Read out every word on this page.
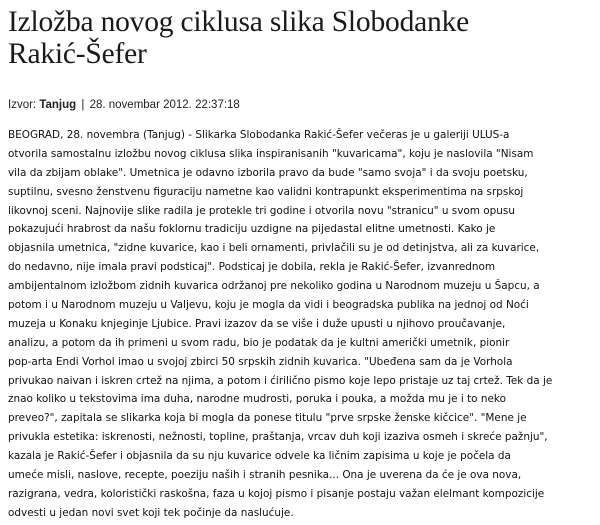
Izložba novog ciklusa slika Slobodanke
Rakić-Šefer
Izvor: Tanjug | 28. novembar 2012. 22:37:18
BEOGRAD, 28. novembra (Tanjug) - Slikarka Slobodanka Rakić-Šefer večeras je u galeriji ULUS-a
otvorila samostalnu izložbu novog ciklusa slika inspiranisanih "kuvaricama", koju je naslovila "Nisam
vila da zbijam oblake". Umetnica je odavno izborila pravo da bude "samo svoja" i da svoju poetsku,
suptilnu, svesno ženstvenu figuraciju nametne kao validni kontrapunkt eksperimentima na srpskoj
likovnoj sceni. Najnovije slike radila je protekle tri godine i otvorila novu "stranicu" u svom opusu
pokazujući hrabrost da našu foklornu tradiciju uzdigne na pijedastal elitne umetnosti. Kako je
objasnila umetnica, "zidne kuvarice, kao i beli ornamenti, privlačili su je od detinjstva, ali za kuvarice,
do nedavno, nije imala pravi podsticaj". Podsticaj je dobila, rekla je Rakić-Šefer, izvanrednom
ambijentalnom izložbom zidnih kuvarica održanoj pre nekoliko godina u Narodnom muzeju u Šapcu, a
potom i u Narodnom muzeju u Valjevu, koju je mogla da vidi i beogradska publika na jednoj od Noći
muzeja u Konaku knjeginje Ljubice. Pravi izazov da se više i duže upusti u njihovo proučavanje,
analizu, a potom da ih primeni u svom radu, bio je podatak da je kultni američki umetnik, pionir
pop-arta Endi Vorhol imao u svojoj zbirci 50 srpskih zidnih kuvarica. "Ubeđena sam da je Vorhola
privukao naivan i iskren crtež na njima, a potom i ćirilično pismo koje lepo pristaje uz taj crtež. Tek da je
znao koliko u tekstovima ima duha, narodne mudrosti, poruka i pouka, a možda mu je i to neko
preveo?", zapitala se slikarka koja bi mogla da ponese titulu "prve srpske ženske kičcice". "Mene je
privukla estetika: iskrenosti, nežnosti, topline, praštanja, vrcav duh koji izaziva osmeh i skreće pažnju",
kazala je Rakić-Šefer i objasnila da su nju kuvarice odvele ka ličnim zapisima u koje je počela da
umeće misli, naslove, recepte, poeziju naših i stranih pesnika... Ona je uverena da će je ova nova,
razigrana, vedra, koloristički raskošna, faza u kojoj pismo i pisanje postaju važan elelmant kompozicije
odvesti u jedan novi svet koji tek počinje da naslućuje.
